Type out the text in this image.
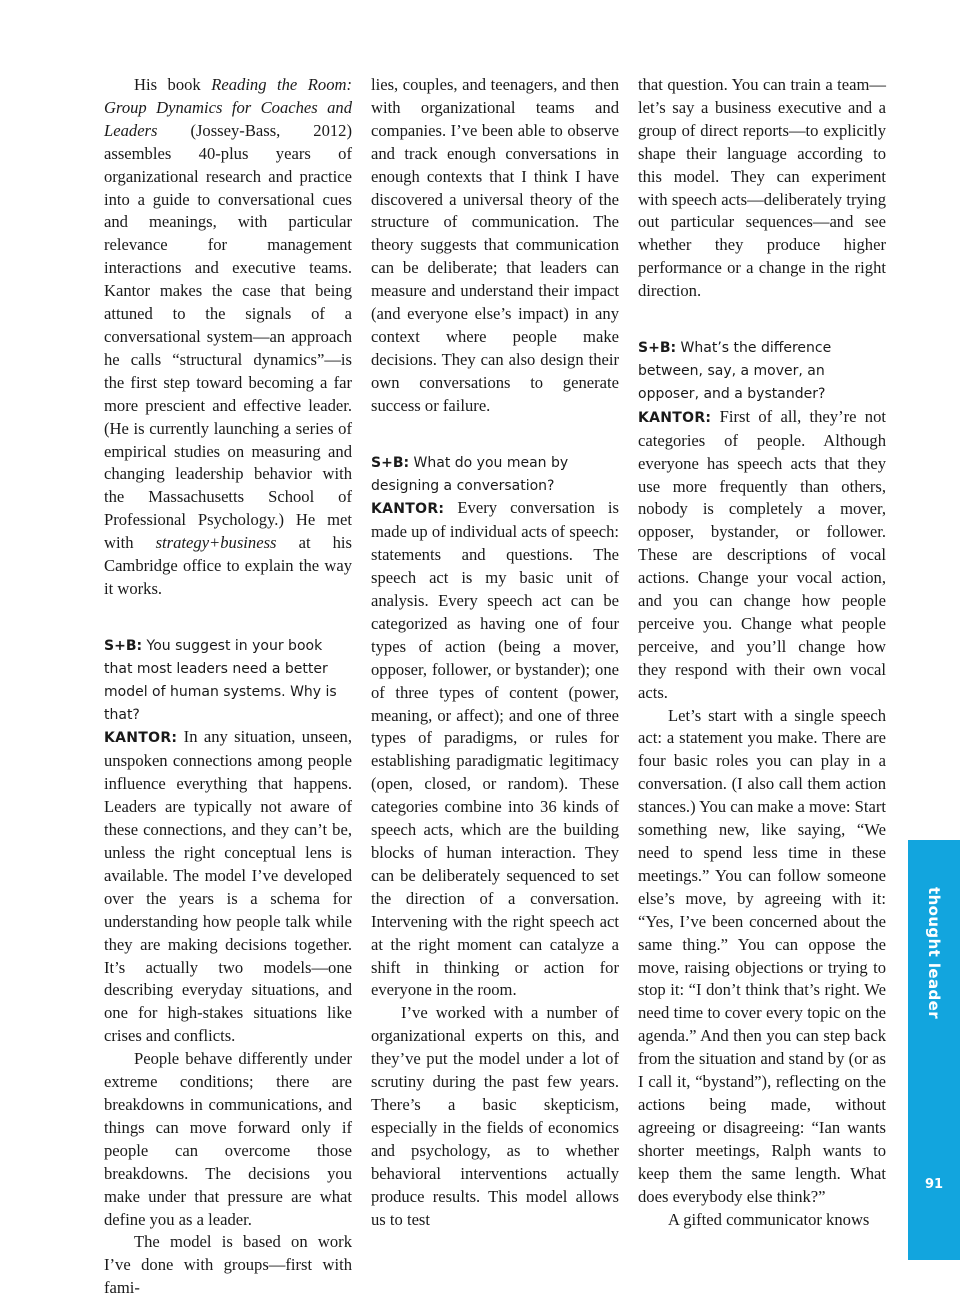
His book Reading the Room: Group Dynamics for Coaches and Leaders (Jossey-Bass, 2012) assembles 40-plus years of organizational research and practice into a guide to conversational cues and meanings, with particular relevance for management interactions and executive teams. Kantor makes the case that being attuned to the signals of a conversational system—an approach he calls “structural dynamics”—is the first step toward becoming a far more prescient and effective leader. (He is currently launching a series of empirical studies on measuring and changing leadership behavior with the Massachusetts School of Professional Psychology.) He met with strategy+business at his Cambridge office to explain the way it works.

S+B: You suggest in your book that most leaders need a better model of human systems. Why is that?

KANTOR: In any situation, unseen, unspoken connections among people influence everything that happens. Leaders are typically not aware of these connections, and they can’t be, unless the right conceptual lens is available. The model I’ve developed over the years is a schema for understanding how people talk while they are making decisions together. It’s actually two models—one describing everyday situations, and one for high-stakes situations like crises and conflicts.

People behave differently under extreme conditions; there are breakdowns in communications, and things can move forward only if people can overcome those breakdowns. The decisions you make under that pressure are what define you as a leader.

The model is based on work I’ve done with groups—first with fami-

lies, couples, and teenagers, and then with organizational teams and companies. I’ve been able to observe and track enough conversations in enough contexts that I think I have discovered a universal theory of the structure of communication. The theory suggests that communication can be deliberate; that leaders can measure and understand their impact (and everyone else’s impact) in any context where people make decisions. They can also design their own conversations to generate success or failure.

S+B: What do you mean by designing a conversation?

KANTOR: Every conversation is made up of individual acts of speech: statements and questions. The speech act is my basic unit of analysis. Every speech act can be categorized as having one of four types of action (being a mover, opposer, follower, or bystander); one of three types of content (power, meaning, or affect); and one of three types of paradigms, or rules for establishing paradigmatic legitimacy (open, closed, or random). These categories combine into 36 kinds of speech acts, which are the building blocks of human interaction. They can be deliberately sequenced to set the direction of a conversation. Intervening with the right speech act at the right moment can catalyze a shift in thinking or action for everyone in the room.

I’ve worked with a number of organizational experts on this, and they’ve put the model under a lot of scrutiny during the past few years. There’s a basic skepticism, especially in the fields of economics and psychology, as to whether behavioral interventions actually produce results. This model allows us to test

that question. You can train a team—let’s say a business executive and a group of direct reports—to explicitly shape their language according to this model. They can experiment with speech acts—deliberately trying out particular sequences—and see whether they produce higher performance or a change in the right direction.

S+B: What’s the difference between, say, a mover, an opposer, and a bystander?

KANTOR: First of all, they’re not categories of people. Although everyone has speech acts that they use more frequently than others, nobody is completely a mover, opposer, bystander, or follower. These are descriptions of vocal actions. Change your vocal action, and you can change how people perceive you. Change what people perceive, and you’ll change how they respond with their own vocal acts.

Let’s start with a single speech act: a statement you make. There are four basic roles you can play in a conversation. (I also call them action stances.) You can make a move: Start something new, like saying, “We need to spend less time in these meetings.” You can follow someone else’s move, by agreeing with it: “Yes, I’ve been concerned about the same thing.” You can oppose the move, raising objections or trying to stop it: “I don’t think that’s right. We need time to cover every topic on the agenda.” And then you can step back from the situation and stand by (or as I call it, “bystand”), reflecting on the actions being made, without agreeing or disagreeing: “Ian wants shorter meetings, Ralph wants to keep them the same length. What does everybody else think?”

A gifted communicator knows

thought leader
91
